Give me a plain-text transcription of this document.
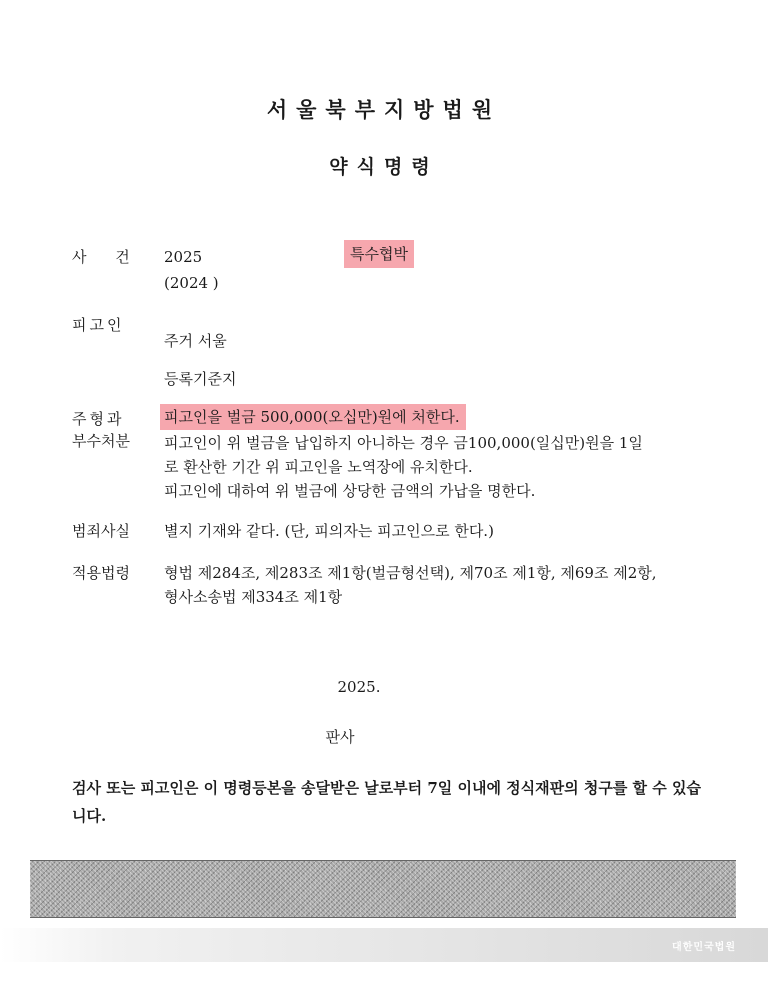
서울북부지방법원
약식명령
사 건 2025	특수협박
(2024 )
피고인
주거 서울
등록기준지
주형과
부수처분
피고인을 벌금 500,000(오십만)원에 처한다.
피고인이 위 벌금을 납입하지 아니하는 경우 금100,000(일십만)원을 1일
로 환산한 기간 위 피고인을 노역장에 유치한다.
피고인에 대하여 위 벌금에 상당한 금액의 가납을 명한다.
범죄사실 별지 기재와 같다. (단, 피의자는 피고인으로 한다.)
적용법령 형법 제284조, 제283조 제1항(벌금형선택), 제70조 제1항, 제69조 제2항,
형사소송법 제334조 제1항
2025.
판사
검사 또는 피고인은 이 명령등본을 송달받은 날로부터 7일 이내에 정식재판의 청구를 할 수 있습니다.
대한민국법원
